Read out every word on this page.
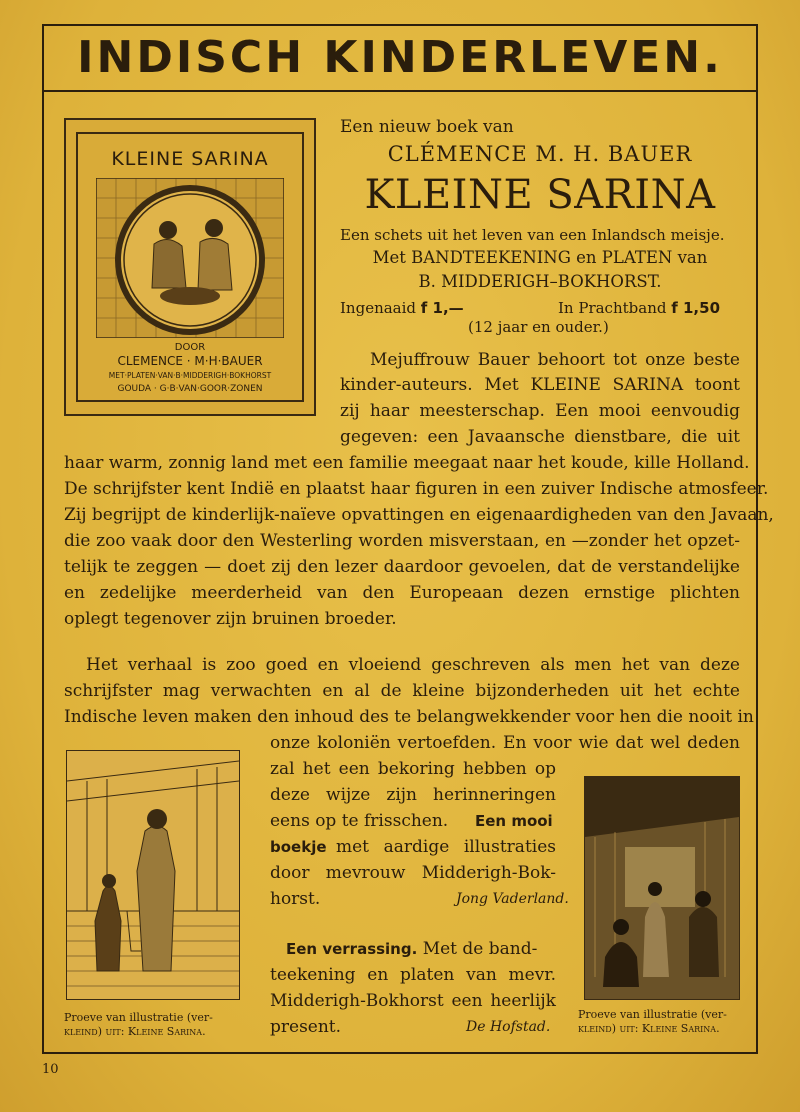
INDISCH KINDERLEVEN.
KLEINE SARINA
DOOR
CLEMENCE · M·H·BAUER
MET·PLATEN·VAN·B·MIDDERIGH·BOKHORST
GOUDA · G·B·VAN·GOOR·ZONEN
Een nieuw boek van
CLÉMENCE M. H. BAUER
KLEINE SARINA
Een schets uit het leven van een Inlandsch meisje.
Met BANDTEEKENING en PLATEN van
B. MIDDERIGH–BOKHORST.
Ingenaaid f 1,—	In Prachtband f 1,50
(12 jaar en ouder.)
Mejuffrouw Bauer behoort tot onze beste
kinder-auteurs. Met KLEINE SARINA toont
zij haar meesterschap. Een mooi eenvoudig
gegeven: een Javaansche dienstbare, die uit
haar warm, zonnig land met een familie meegaat naar het koude, kille Holland.
De schrijfster kent Indië en plaatst haar figuren in een zuiver Indische atmosfeer.
Zij begrijpt de kinderlijk-naïeve opvattingen en eigenaardigheden van den Javaan,
die zoo vaak door den Westerling worden misverstaan, en —zonder het opzet-
telijk te zeggen — doet zij den lezer daardoor gevoelen, dat de verstandelijke
en zedelijke meerderheid van den Europeaan dezen ernstige plichten
oplegt tegenover zijn bruinen broeder.
Het verhaal is zoo goed en vloeiend geschreven als men het van deze
schrijfster mag verwachten en al de kleine bijzonderheden uit het echte
Indische leven maken den inhoud des te belangwekkender voor hen die nooit in
onze koloniën vertoefden. En voor wie dat wel deden
zal het een bekoring hebben op
deze wijze zijn herinneringen
eens op te frisschen. Een mooi
boekje met aardige illustraties
door mevrouw Midderigh-Bok-
horst.	Jong Vaderland.
Een verrassing. Met de band-
teekening en platen van mevr.
Midderigh-Bokhorst een heerlijk
present.	De Hofstad.
Proeve van illustratie (ver-
kleind) uit: Kleine Sarina.
Proeve van illustratie (ver-
kleind) uit: Kleine Sarina.
10
